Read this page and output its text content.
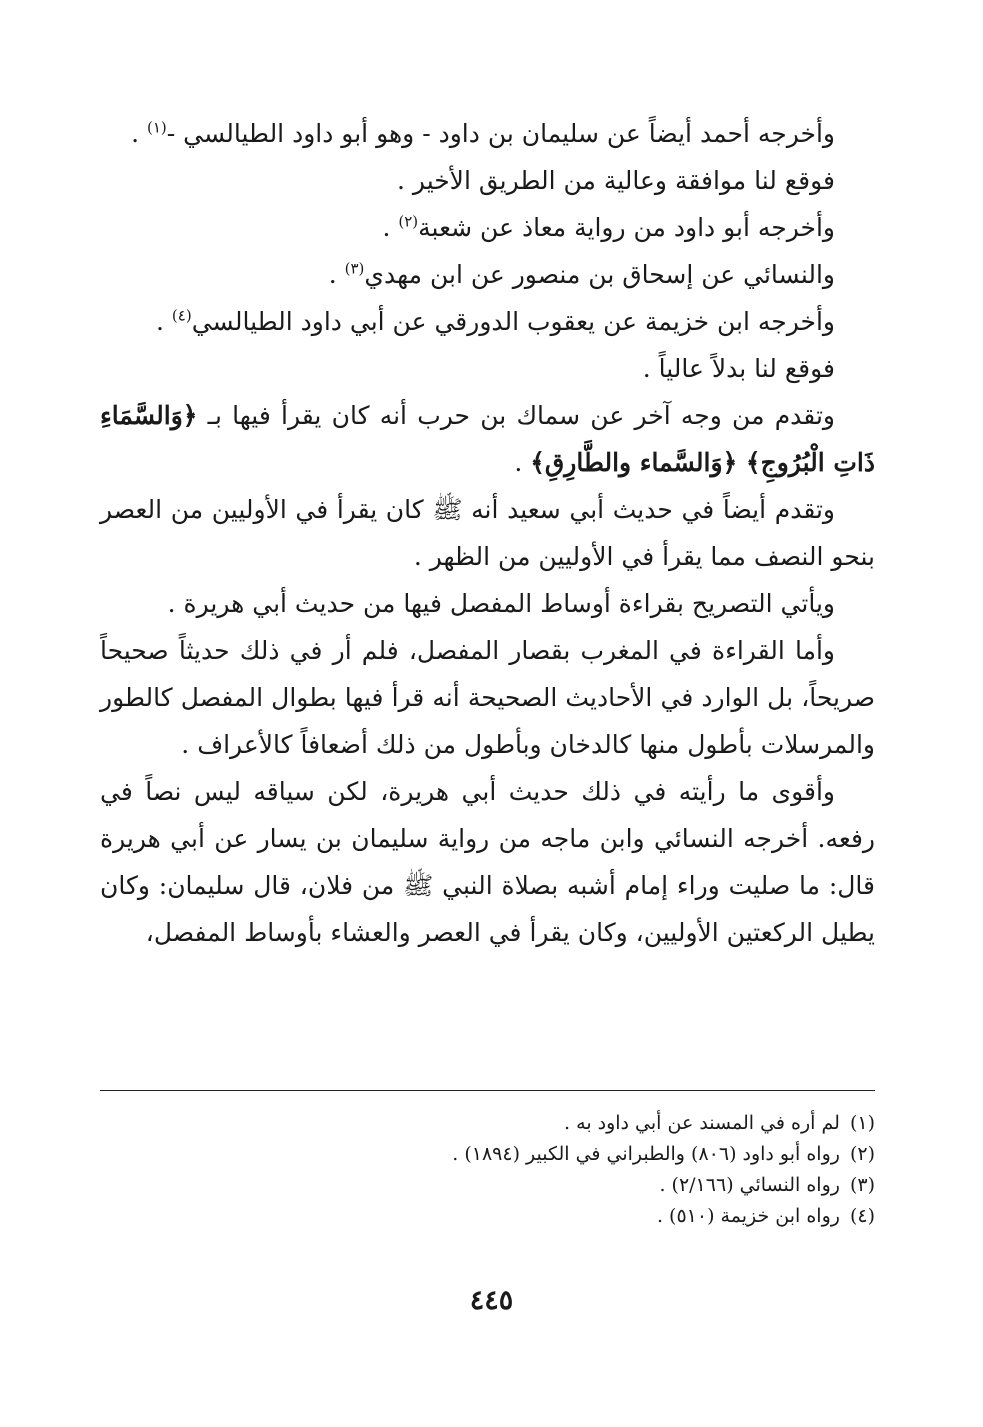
وأخرجه أحمد أيضاً عن سليمان بن داود - وهو أبو داود الطيالسي -$^{(١)}$ .

فوقع لنا موافقة وعالية من الطريق الأخير .

وأخرجه أبو داود من رواية معاذ عن شعبة$^{(٢)}$ .

والنسائي عن إسحاق بن منصور عن ابن مهدي$^{(٣)}$ .

وأخرجه ابن خزيمة عن يعقوب الدورقي عن أبي داود الطيالسي$^{(٤)}$ .

فوقع لنا بدلاً عالياً .

وتقدم من وجه آخر عن سماك بن حرب أنه كان يقرأ فيها بـ ﴿وَالسَّمَاءِ ذَاتِ الْبُرُوجِ﴾ ﴿وَالسَّماء والطَّارِقِ﴾ .

وتقدم أيضاً في حديث أبي سعيد أنه ﷺ كان يقرأ في الأوليين من العصر بنحو النصف مما يقرأ في الأوليين من الظهر .

ويأتي التصريح بقراءة أوساط المفصل فيها من حديث أبي هريرة .

وأما القراءة في المغرب بقصار المفصل، فلم أر في ذلك حديثاً صحيحاً صريحاً، بل الوارد في الأحاديث الصحيحة أنه قرأ فيها بطوال المفصل كالطور والمرسلات بأطول منها كالدخان وبأطول من ذلك أضعافاً كالأعراف .

وأقوى ما رأيته في ذلك حديث أبي هريرة، لكن سياقه ليس نصاً في رفعه. أخرجه النسائي وابن ماجه من رواية سليمان بن يسار عن أبي هريرة قال: ما صليت وراء إمام أشبه بصلاة النبي ﷺ من فلان، قال سليمان: وكان يطيل الركعتين الأوليين، وكان يقرأ في العصر والعشاء بأوساط المفصل،

(١)لم أره في المسند عن أبي داود به .

(٢)رواه أبو داود (٨٠٦) والطبراني في الكبير (١٨٩٤) .

(٣)رواه النسائي (٢/١٦٦) .

(٤)رواه ابن خزيمة (٥١٠) .

٤٤٥
